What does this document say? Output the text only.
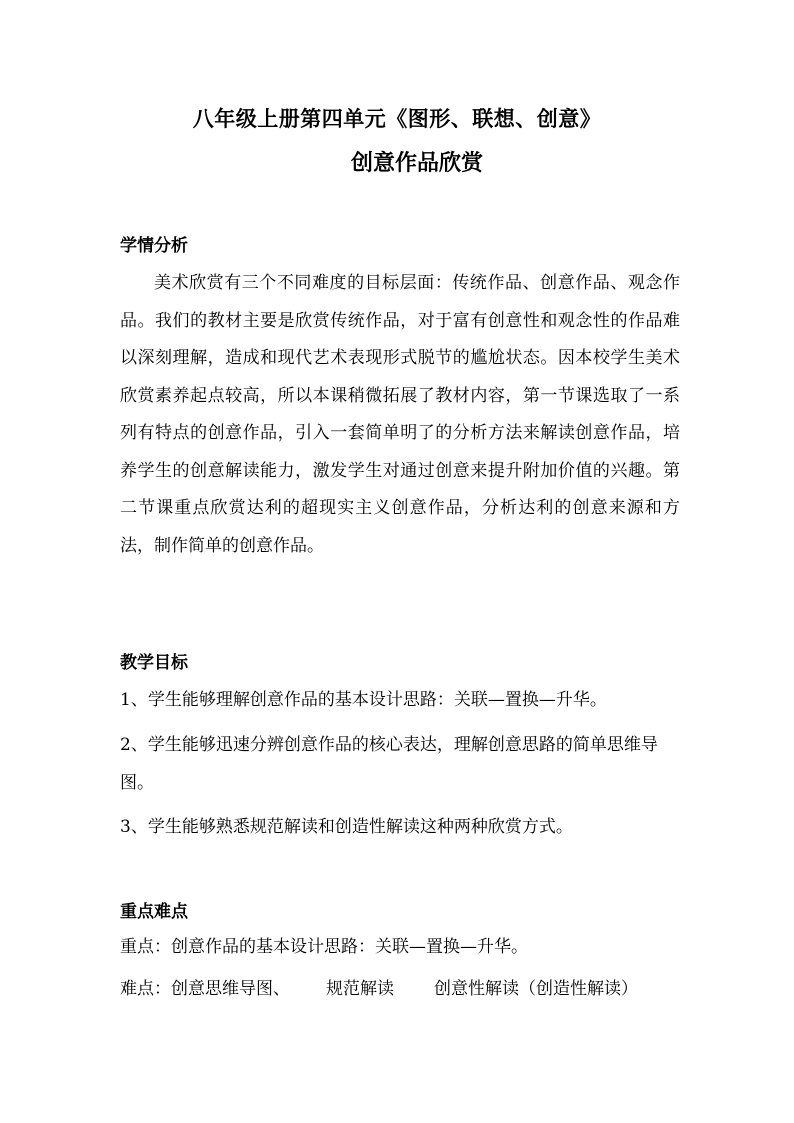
八年级上册第四单元《图形、联想、创意》
创意作品欣赏
学情分析

美术欣赏有三个不同难度的目标层面：传统作品、创意作品、观念作品。我们的教材主要是欣赏传统作品，对于富有创意性和观念性的作品难以深刻理解，造成和现代艺术表现形式脱节的尴尬状态。因本校学生美术欣赏素养起点较高，所以本课稍微拓展了教材内容，第一节课选取了一系列有特点的创意作品，引入一套简单明了的分析方法来解读创意作品，培养学生的创意解读能力，激发学生对通过创意来提升附加价值的兴趣。第二节课重点欣赏达利的超现实主义创意作品，分析达利的创意来源和方法，制作简单的创意作品。

教学目标

1、学生能够理解创意作品的基本设计思路：关联—置换—升华。

2、学生能够迅速分辨创意作品的核心表达，理解创意思路的简单思维导图。

3、学生能够熟悉规范解读和创造性解读这种两种欣赏方式。

重点难点

重点：创意作品的基本设计思路：关联—置换—升华。

难点：创意思维导图、 规范解读 创意性解读（创造性解读）
